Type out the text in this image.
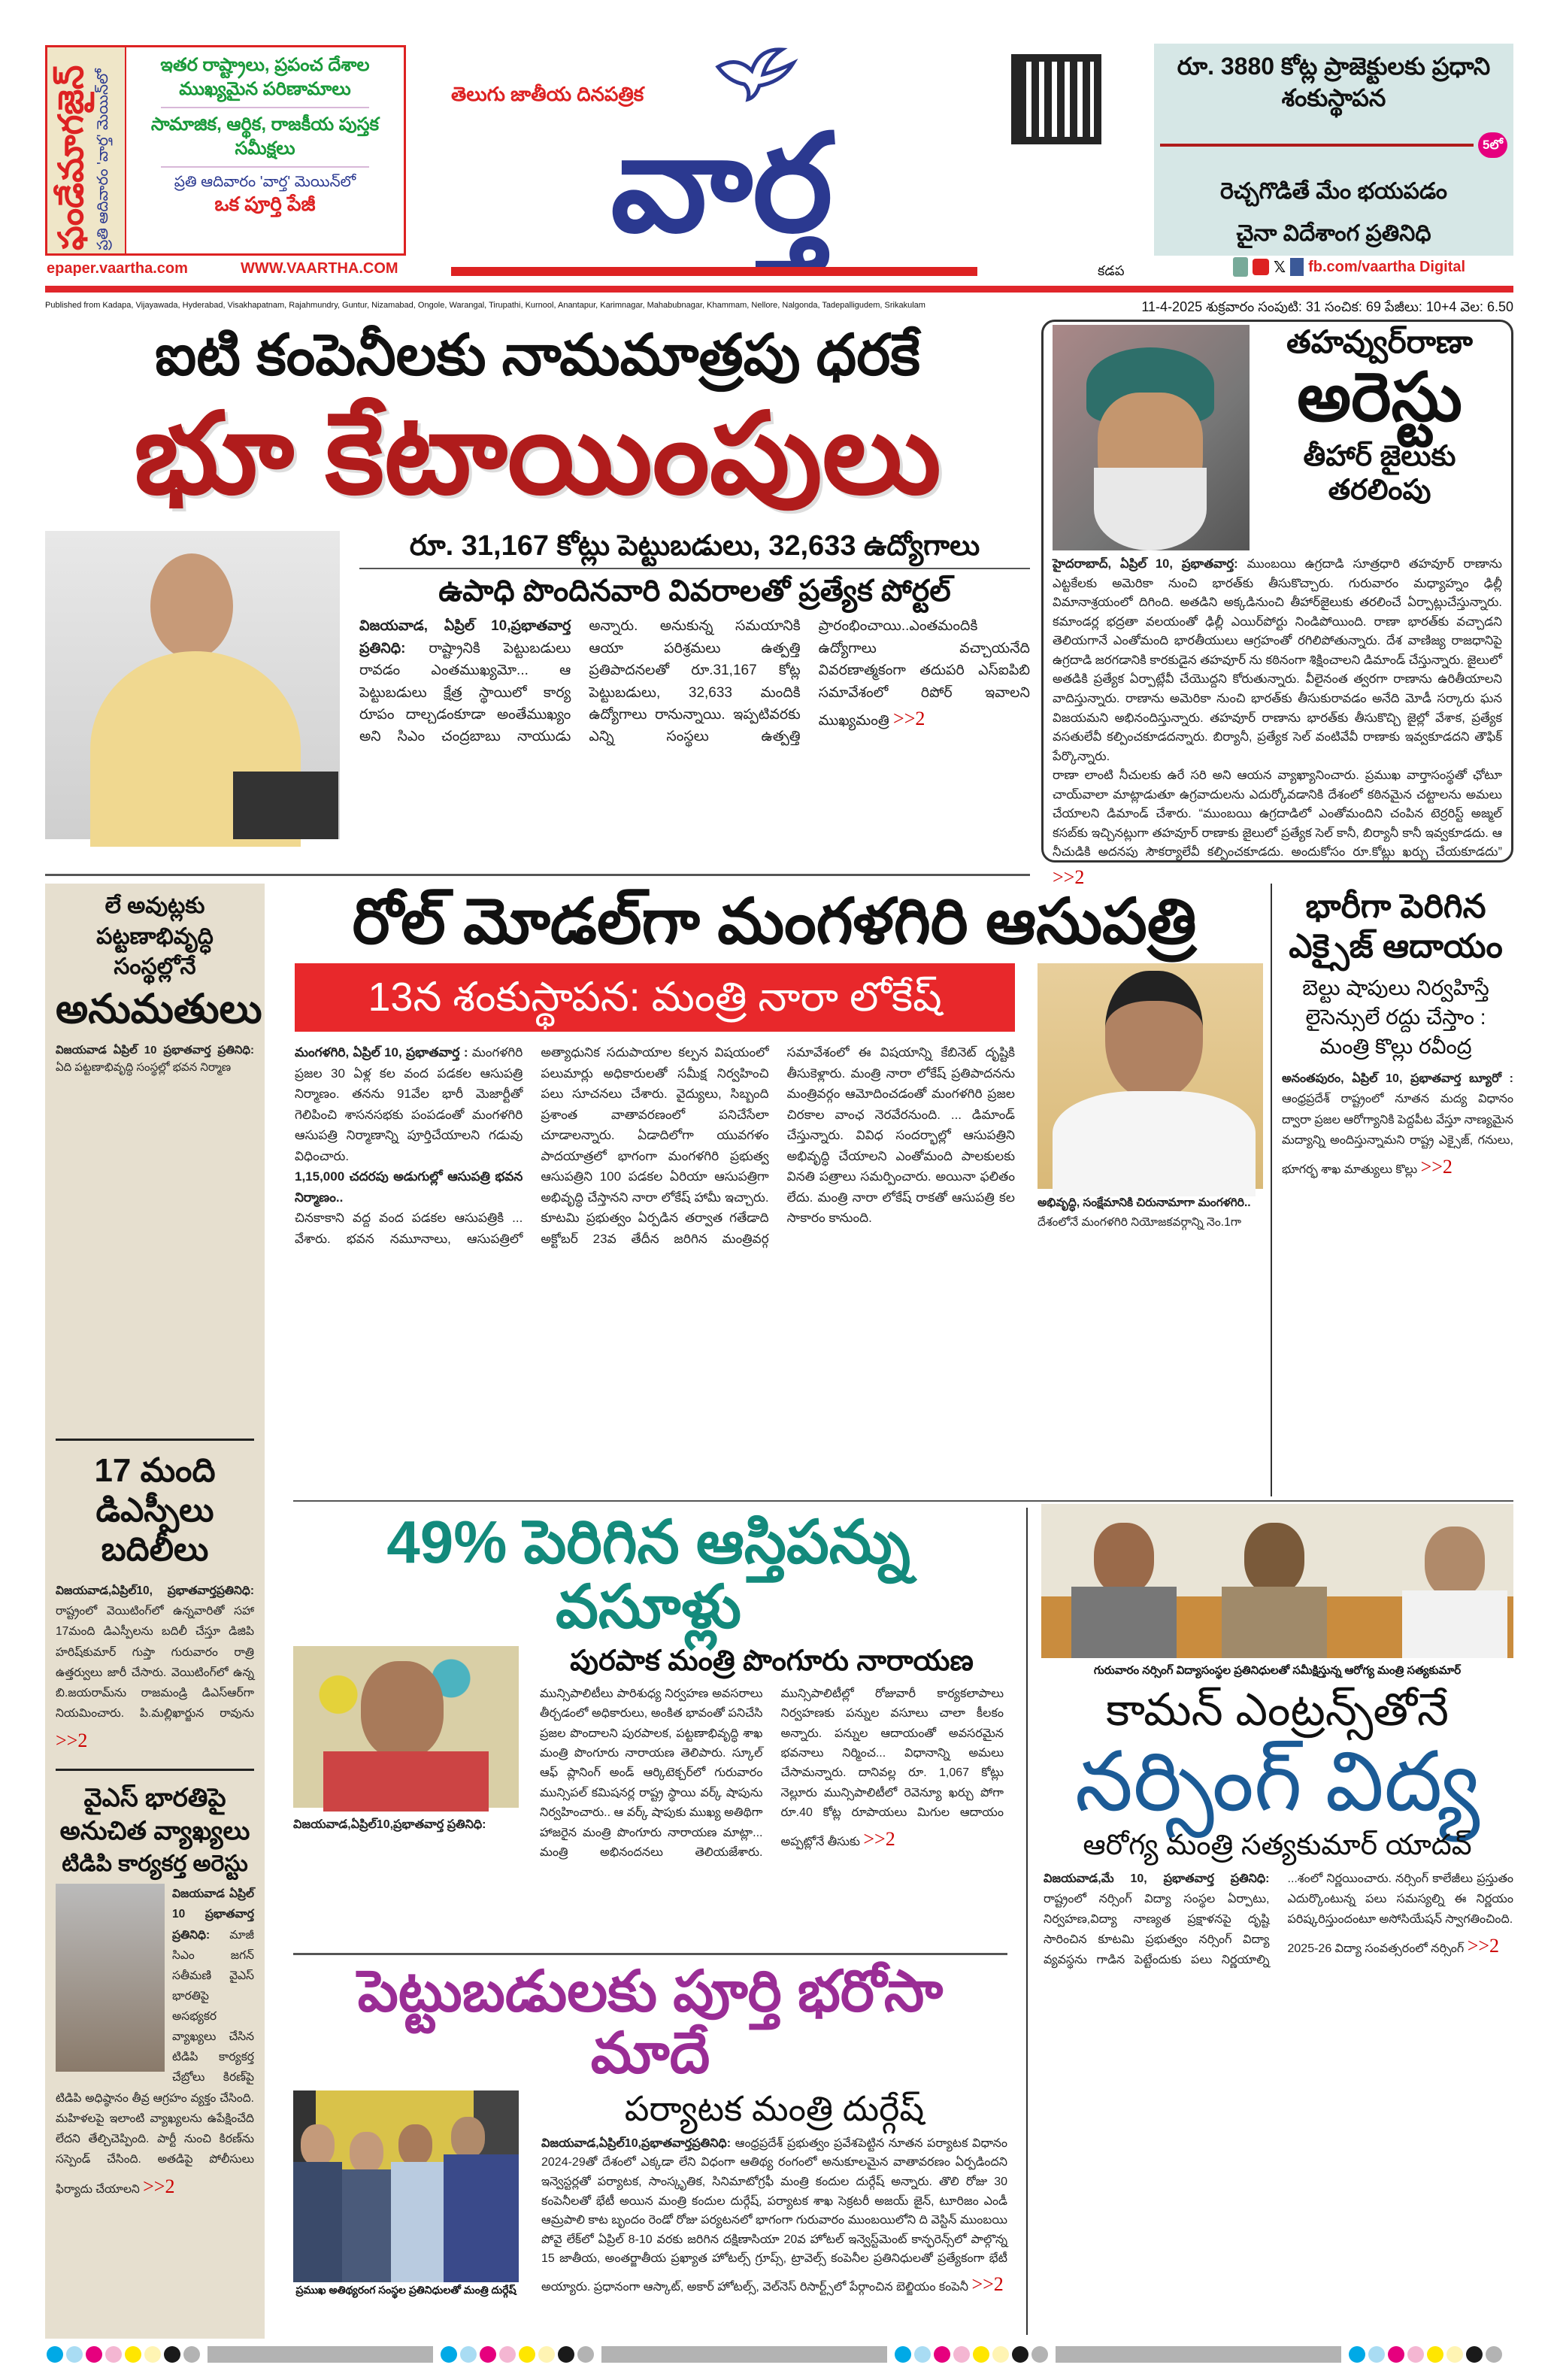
ఫండేమాగజైన్ ప్రతి ఆదివారం 'వార్త' మెయిన్‌లో
ఇతర రాష్ట్రాలు, ప్రపంచ దేశాల ముఖ్యమైన పరిణామాలు
సామాజిక, ఆర్థిక, రాజకీయ పుస్తక సమీక్షలు
ప్రతి ఆదివారం 'వార్త' మెయిన్‌లో
ఒక పూర్తి పేజీ
epaper.vaartha.com	WWW.VAARTHA.COM
తెలుగు జాతీయ దినపత్రిక
వార్త
కడప	𝕏 fb.com/vaartha Digital
రూ. 3880 కోట్ల ప్రాజెక్టులకు ప్రధాని శంకుస్థాపన
5లో
రెచ్చగొడితే మేం భయపడం
చైనా విదేశాంగ ప్రతినిధి
Published from Kadapa, Vijayawada, Hyderabad, Visakhapatnam, Rajahmundry, Guntur, Nizamabad, Ongole, Warangal, Tirupathi, Kurnool, Anantapur, Karimnagar, Mahabubnagar, Khammam, Nellore, Nalgonda, Tadepalligudem, Srikakulam	11-4-2025 శుక్రవారం సంపుటి: 31 సంచిక: 69 పేజీలు: 10+4 వెల: 6.50
ఐటి కంపెనీలకు నామమాత్రపు ధరకే
భూ కేటాయింపులు
రూ. 31,167 కోట్లు పెట్టుబడులు, 32,633 ఉద్యోగాలు
ఉపాధి పొందినవారి వివరాలతో ప్రత్యేక పోర్టల్
విజయవాడ, ఏప్రిల్ 10,ప్రభాతవార్త ప్రతినిధి: రాష్ట్రానికి పెట్టుబడులు రావడం ఎంతముఖ్యమో... ఆ పెట్టుబడులు క్షేత్ర స్థాయిలో కార్య రూపం దాల్చడంకూడా అంతేముఖ్యం అని సిఎం చంద్రబాబు నాయుడు అన్నారు. అనుకున్న సమయానికి ఆయా పరిశ్రమలు ఉత్పత్తి ప్రతిపాదనలతో రూ.31,167 కోట్ల పెట్టుబడులు, 32,633 మందికి ఉద్యోగాలు రానున్నాయి. ఇప్పటివరకు ఎన్ని సంస్థలు ఉత్పత్తి ప్రారంభించాయి..ఎంతమందికి ఉద్యోగాలు వచ్చాయనేది వివరణాత్మకంగా తదుపరి ఎస్ఐపిబి సమావేశంలో రిపోర్ ఇవాలని ముఖ్యమంత్రి >>2
తహవ్వుర్‌రాణా
అరెస్టు
తీహార్ జైలుకు తరలింపు
హైదరాబాద్, ఏప్రిల్ 10, ప్రభాతవార్త: ముంబయి ఉగ్రదాడి సూత్రధారి తహవూర్ రాణాను ఎట్టకేలకు అమెరికా నుంచి భారత్‌కు తీసుకొచ్చారు. గురువారం మధ్యాహ్నం ఢిల్లీ విమానాశ్రయంలో దిగింది. అతడిని అక్కడినుంచి తీహార్‌జైలుకు తరలించే ఏర్పాట్లుచేస్తున్నారు. కమాండర్ల భద్రతా వలయంతో ఢిల్లీ ఎయిర్‌పోర్టు నిండిపోయింది. రాణా భారత్‌కు వచ్చాడని తెలియగానే ఎంతోమంది భారతీయులు ఆగ్రహంతో రగిలిపోతున్నారు. దేశ వాణిజ్య రాజధానిపై ఉగ్రదాడి జరగడానికి కారకుడైన తహవూర్ ను కఠినంగా శిక్షించాలని డిమాండ్ చేస్తున్నారు. జైలులో అతడికి ప్రత్యేక ఏర్పాట్లేవీ చేయొద్దని కోరుతున్నారు. వీలైనంత త్వరగా రాణాను ఉరితీయాలని వాదిస్తున్నారు. రాణాను అమెరికా నుంచి భారత్‌కు తీసుకురావడం అనేది మోడీ సర్కారు ఘన విజయమని అభినందిస్తున్నారు. తహవూర్ రాణాను భారత్‌కు తీసుకొచ్చి జైల్లో వేశాక, ప్రత్యేక వసతులేవీ కల్పించకూడదన్నారు. బిర్యానీ, ప్రత్యేక సెల్ వంటివేవీ రాణాకు ఇవ్వకూడదని తౌఫిక్ పేర్కొన్నారు.
రాణా లాంటి నీచులకు ఉరే సరి అని ఆయన వ్యాఖ్యానించారు. ప్రముఖ వార్తాసంస్థతో ఛోటూ చాయ్‌వాలా మాట్లాడుతూ ఉగ్రవాదులను ఎదుర్కోవడానికి దేశంలో కఠినమైన చట్టాలను అమలు చేయాలని డిమాండ్ చేశారు. “ముంబయి ఉగ్రదాడిలో ఎంతోమందిని చంపిన టెర్రరిస్ట్ అజ్మల్ కసబ్‌కు ఇచ్చినట్లుగా తహవూర్ రాణాకు జైలులో ప్రత్యేక సెల్ కానీ, బిర్యానీ కానీ ఇవ్వకూడదు. ఆ నీచుడికి అదనపు సౌకర్యాలేవీ కల్పించకూడదు. అందుకోసం రూ.కోట్లు ఖర్చు చేయకూడదు” >>2
లే అవుట్లకు పట్టణాభివృద్ధి సంస్థల్లోనే
అనుమతులు
విజయవాడ ఏప్రిల్ 10 ప్రభాతవార్త ప్రతినిధి: ఏది పట్టణాభివృద్ధి సంస్థల్లో భవన నిర్మాణ
17 మంది డిఎస్పీలు బదిలీలు
విజయవాడ,ఏప్రిల్10, ప్రభాతవార్తప్రతినిధి: రాష్ట్రంలో వెయిటింగ్‌లో ఉన్నవారితో సహా 17మంది డిఎస్పీలను బదిలీ చేస్తూ డిజిపి హరిష్‌కుమార్ గుప్తా గురువారం రాత్రి ఉత్తర్వులు జారీ చేసారు. వెయిటింగ్‌లో ఉన్న బి.జయరామ్‌ను రాజమండ్రి డిఎస్ఆర్‌గా నియమించారు. పి.మల్లిఖార్జున రావును >>2
వైఎస్ భారతిపై అనుచిత వ్యాఖ్యలు
టిడిపి కార్యకర్త అరెస్టు
విజయవాడ ఏప్రిల్ 10 ప్రభాతవార్త ప్రతినిధి: మాజీ సిఎం జగన్ సతీమణి వైఎస్ భారతిపై అసభ్యకర వ్యాఖ్యలు చేసిన టిడిపి కార్యకర్త చేబ్రోలు కిరణ్‌పై టిడిపి అధిష్ఠానం తీవ్ర ఆగ్రహం వ్యక్తం చేసింది. మహిళలపై ఇలాంటి వ్యాఖ్యలను ఉపేక్షించేది లేదని తేల్చిచెప్పింది. పార్టీ నుంచి కిరణ్‌ను సస్పెండ్ చేసింది. అతడిపై పోలీసులు ఫిర్యాదు చేయాలని >>2
రోల్ మోడల్‌గా మంగళగిరి ఆసుపత్రి
13న శంకుస్థాపన: మంత్రి నారా లోకేష్
మంగళగిరి, ఏప్రిల్ 10, ప్రభాతవార్త : మంగళగిరి ప్రజల 30 ఏళ్ల కల వంద పడకల ఆసుపత్రి నిర్మాణం. తనను 91వేల భారీ మెజార్టీతో గెలిపించి శాసనసభకు పంపడంతో మంగళగిరి ఆసుపత్రి నిర్మాణాన్ని పూర్తిచేయాలని గడువు విధించారు.
1,15,000 చదరపు అడుగుల్లో ఆసుపత్రి భవన నిర్మాణం..
చినకాకాని వద్ద వంద పడకల ఆసుపత్రికి ... వేశారు. భవన నమూనాలు, ఆసుపత్రిలో అత్యాధునిక సదుపాయాల కల్పన విషయంలో పలుమార్లు అధికారులతో సమీక్ష నిర్వహించి పలు సూచనలు చేశారు. వైద్యులు, సిబ్బంది ప్రశాంత వాతావరణంలో పనిచేసేలా చూడాలన్నారు. ఏడాదిలోగా యువగళం పాదయాత్రలో భాగంగా మంగళగిరి ప్రభుత్వ ఆసుపత్రిని 100 పడకల ఏరియా ఆసుపత్రిగా అభివృద్ధి చేస్తానని నారా లోకేష్ హామీ ఇచ్చారు. కూటమి ప్రభుత్వం ఏర్పడిన తర్వాత గతేడాది అక్టోబర్ 23వ తేదీన జరిగిన మంత్రివర్గ సమావేశంలో ఈ విషయాన్ని కేబినెట్ దృష్టికి తీసుకెళ్లారు. మంత్రి నారా లోకేష్ ప్రతిపాదనను మంత్రివర్గం ఆమోదించడంతో మంగళగిరి ప్రజల చిరకాల వాంఛ నెరవేరనుంది. ... డిమాండ్ చేస్తున్నారు. వివిధ సందర్భాల్లో ఆసుపత్రిని అభివృద్ధి చేయాలని ఎంతోమంది పాలకులకు వినతి పత్రాలు సమర్పించారు. అయినా ఫలితం లేదు. మంత్రి నారా లోకేష్ రాకతో ఆసుపత్రి కల సాకారం కానుంది.
అభివృద్ధి, సంక్షేమానికి చిరునామాగా మంగళగిరి..
దేశంలోనే మంగళగిరి నియోజకవర్గాన్ని నెం.1గా
భారీగా పెరిగిన ఎక్సైజ్ ఆదాయం
బెల్టు షాపులు నిర్వహిస్తే లైసెన్సులే రద్దు చేస్తాం : మంత్రి కొల్లు రవీంద్ర
అనంతపురం, ఏప్రిల్ 10, ప్రభాతవార్త బ్యూరో : ఆంధ్రప్రదేశ్ రాష్ట్రంలో నూతన మద్య విధానం ద్వారా ప్రజల ఆరోగ్యానికి పెద్దపీట వేస్తూ నాణ్యమైన మద్యాన్ని అందిస్తున్నామని రాష్ట్ర ఎక్సైజ్, గనులు, భూగర్భ శాఖ మాత్యులు కొల్లు >>2
49% పెరిగిన ఆస్తిపన్ను వసూళ్లు
విజయవాడ,ఏప్రిల్10,ప్రభాతవార్త ప్రతినిధి:
పురపాక మంత్రి పొంగూరు నారాయణ
మున్సిపాలిటీలు పారిశుధ్య నిర్వహణ అవసరాలు తీర్చడంలో అధికారులు, అంకిత భావంతో పనిచేసి ప్రజల పొందాలని పురపాలక, పట్టణాభివృద్ధి శాఖ మంత్రి పొంగూరు నారాయణ తెలిపారు. స్కూల్ ఆఫ్ ప్లానింగ్ అండ్ ఆర్కిటెక్చర్‌లో గురువారం మున్సిపల్ కమిషనర్ల రాష్ట్ర స్థాయి వర్క్ షాపును నిర్వహించారు.. ఆ వర్క్ షాపుకు ముఖ్య అతిథిగా హాజరైన మంత్రి పొంగూరు నారాయణ మాట్లా... మంత్రి అభినందనలు తెలియజేశారు. మున్సిపాలిటీల్లో రోజువారీ కార్యకలాపాలు నిర్వహణకు పన్నుల వసూలు చాలా కీలకం అన్నారు. పన్నుల ఆదాయంతో అవసరమైన భవనాలు నిర్మించ... విధానాన్ని అమలు చేసామన్నారు. దానివల్ల రూ. 1,067 కోట్లు నెల్లూరు మున్సిపాలిటీలో రెవెన్యూ ఖర్చు పోగా రూ.40 కోట్ల రూపాయలు మిగుల ఆదాయం అప్పట్లోనే తీసుకు >>2
గురువారం నర్సింగ్ విద్యాసంస్థల ప్రతినిధులతో సమీక్షిస్తున్న ఆరోగ్య మంత్రి సత్యకుమార్
కామన్ ఎంట్రన్స్‌తోనే
నర్సింగ్ విద్య
ఆరోగ్య మంత్రి సత్యకుమార్ యాదవ్
విజయవాడ,మే 10, ప్రభాతవార్త ప్రతినిధి: రాష్ట్రంలో నర్సింగ్ విద్యా సంస్థల ఏర్పాటు, నిర్వహణ,విద్యా నాణ్యత ప్రక్షాళనపై దృష్టి సారించిన కూటమి ప్రభుత్వం నర్సింగ్ విద్యా వ్యవస్థను గాడిన పెట్టేందుకు పలు నిర్ణయాల్ని ...శంలో నిర్ణయించారు. నర్సింగ్ కాలేజీలు ప్రస్తుతం ఎదుర్కొంటున్న పలు సమస్యల్ని ఈ నిర్ణయం పరిష్కరిస్తుందంటూ అసోసియేషన్ స్వాగతించింది.
2025-26 విద్యా సంవత్సరంలో నర్సింగ్ >>2
పెట్టుబడులకు పూర్తి భరోసా మాదే
ప్రముఖ అతిథ్యరంగ సంస్థల ప్రతినిధులతో మంత్రి దుర్గేష్
పర్యాటక మంత్రి దుర్గేష్
విజయవాడ,ఏప్రిల్10,ప్రభాతవార్తప్రతినిధి: ఆంధ్రప్రదేశ్ ప్రభుత్వం ప్రవేశపెట్టిన నూతన పర్యాటక విధానం 2024-29తో దేశంలో ఎక్కడా లేని విధంగా ఆతిథ్య రంగంలో అనుకూలమైన వాతావరణం ఏర్పడిందని ఇన్వెస్టర్లతో పర్యాటక, సాంస్కృతిక, సినిమాటోగ్రఫీ మంత్రి కందుల దుర్గేష్ అన్నారు. తొలి రోజు 30 కంపెనీలతో భేటీ అయిన మంత్రి కందుల దుర్గేష్, పర్యాటక శాఖ సెక్రటరీ అజయ్ జైన్, టూరిజం ఎండీ ఆమ్రపాలి కాట బృందం రెండో రోజు పర్యటనలో భాగంగా గురువారం ముంబయిలోని ది వెస్టిన్ ముంబయి పోవై లేక్‌లో ఏప్రిల్ 8-10 వరకు జరిగిన దక్షిణాసియా 20వ హోటల్ ఇన్వెస్ట్‌మెంట్ కాన్ఫరెన్స్‌లో పాల్గొన్న 15 జాతీయ, అంతర్జాతీయ ప్రఖ్యాత హోటల్స్ గ్రూప్స్, ట్రావెల్స్ కంపెనీల ప్రతినిధులతో ప్రత్యేకంగా భేటీ అయ్యారు. ప్రధానంగా ఆస్కాట్, అకార్ హోటల్స్, వెల్‌నెస్ రిసార్ట్స్‌లో పేర్గాంచిన బెల్జియం కంపెనీ >>2
